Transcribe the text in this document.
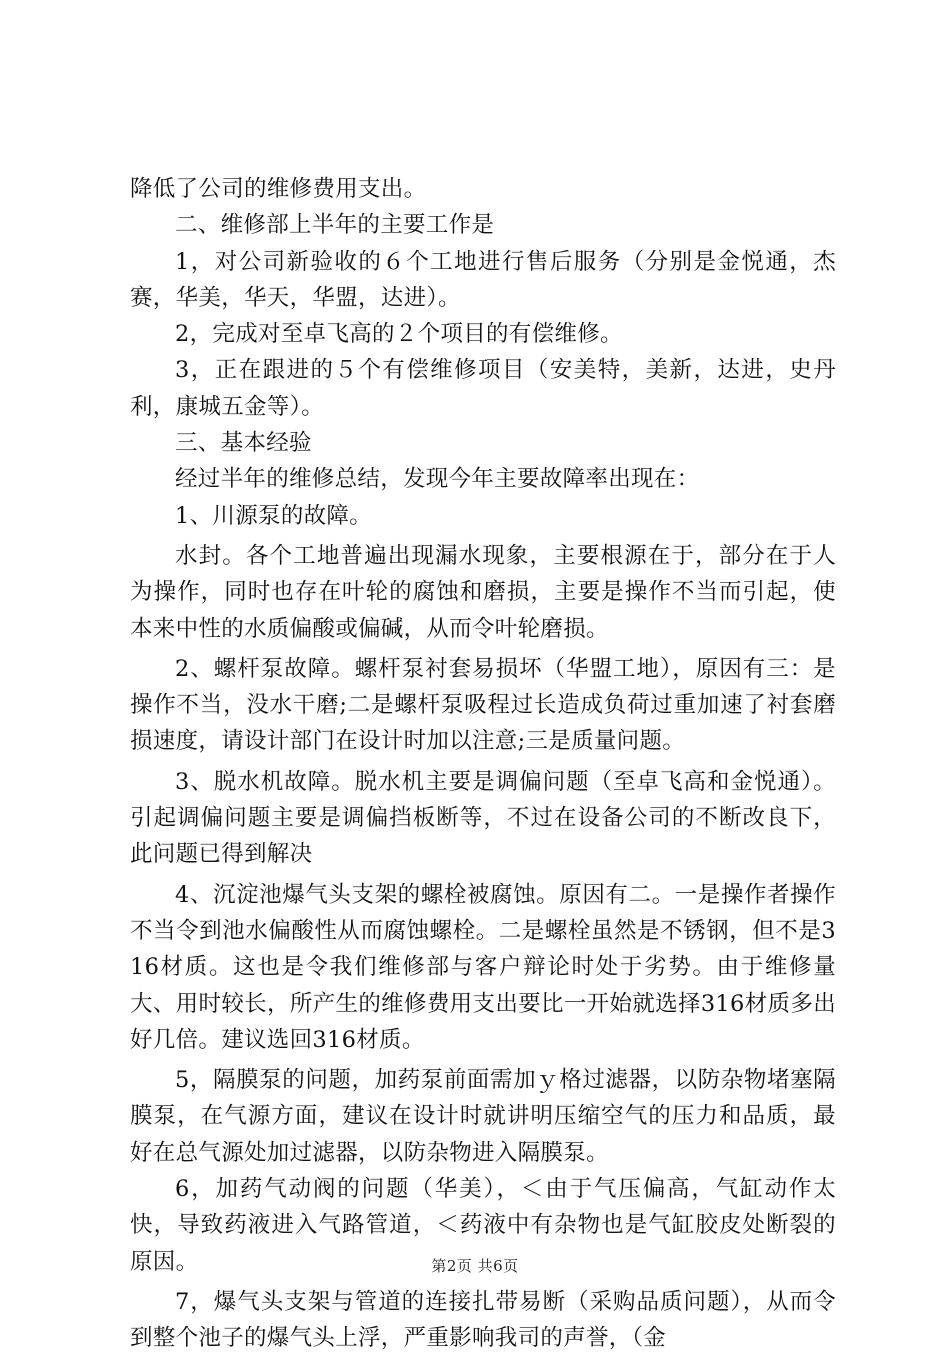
降低了公司的维修费用支出。

二、维修部上半年的主要工作是

1，对公司新验收的６个工地进行售后服务（分别是金悦通，杰赛，华美，华天，华盟，达进）。

2，完成对至卓飞高的２个项目的有偿维修。

3，正在跟进的５个有偿维修项目（安美特，美新，达进，史丹利，康城五金等）。

三、基本经验

经过半年的维修总结，发现今年主要故障率出现在：

1、川源泵的故障。

水封。各个工地普遍出现漏水现象，主要根源在于，部分在于人为操作，同时也存在叶轮的腐蚀和磨损，主要是操作不当而引起，使本来中性的水质偏酸或偏碱，从而令叶轮磨损。

2、螺杆泵故障。螺杆泵衬套易损坏（华盟工地），原因有三：是操作不当，没水干磨;二是螺杆泵吸程过长造成负荷过重加速了衬套磨损速度，请设计部门在设计时加以注意;三是质量问题。

3、脱水机故障。脱水机主要是调偏问题（至卓飞高和金悦通）。引起调偏问题主要是调偏挡板断等，不过在设备公司的不断改良下，此问题已得到解决

4、沉淀池爆气头支架的螺栓被腐蚀。原因有二。一是操作者操作不当令到池水偏酸性从而腐蚀螺栓。二是螺栓虽然是不锈钢，但不是316材质。这也是令我们维修部与客户辩论时处于劣势。由于维修量大、用时较长，所产生的维修费用支出要比一开始就选择316材质多出好几倍。建议选回316材质。

5，隔膜泵的问题，加药泵前面需加ｙ格过滤器，以防杂物堵塞隔膜泵，在气源方面，建议在设计时就讲明压缩空气的压力和品质，最好在总气源处加过滤器，以防杂物进入隔膜泵。

6，加药气动阀的问题（华美），＜由于气压偏高，气缸动作太快，导致药液进入气路管道，＜药液中有杂物也是气缸胶皮处断裂的原因。

7，爆气头支架与管道的连接扎带易断（采购品质问题），从而令到整个池子的爆气头上浮，严重影响我司的声誉，（金

第2页 共6页
